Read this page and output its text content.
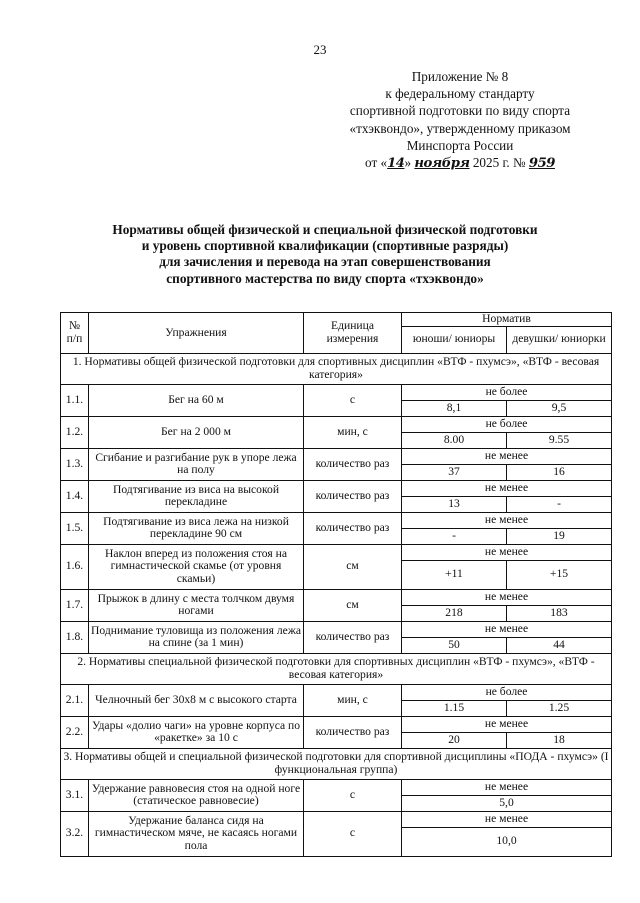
23
Приложение № 8
к федеральному стандарту
спортивной подготовки по виду спорта
«тхэквондо», утвержденному приказом
Минспорта России
от «14» ноября 2025 г. № 959
Нормативы общей физической и специальной физической подготовки
и уровень спортивной квалификации (спортивные разряды)
для зачисления и перевода на этап совершенствования
спортивного мастерства по виду спорта «тхэквондо»
№ п/п	Упражнения	Единица измерения	Норматив	
			юноши/ юниоры	девушки/ юниорки
1. Нормативы общей физической подготовки для спортивных дисциплин «ВТФ - пхумсэ», «ВТФ - весовая категория»				
1.1.	Бег на 60 м	с	не более	
			8,1	9,5
1.2.	Бег на 2 000 м	мин, с	не более	
			8.00	9.55
1.3.	Сгибание и разгибание рук в упоре лежа на полу	количество раз	не менее	
			37	16
1.4.	Подтягивание из виса на высокой перекладине	количество раз	не менее	
			13	-
1.5.	Подтягивание из виса лежа на низкой перекладине 90 см	количество раз	не менее	
			-	19
1.6.	Наклон вперед из положения стоя на гимнастической скамье (от уровня скамьи)	см	не менее	
			+11	+15
1.7.	Прыжок в длину с места толчком двумя ногами	см	не менее	
			218	183
1.8.	Поднимание туловища из положения лежа на спине (за 1 мин)	количество раз	не менее	
			50	44
2. Нормативы специальной физической подготовки для спортивных дисциплин «ВТФ - пхумсэ», «ВТФ - весовая категория»				
2.1.	Челночный бег 30х8 м с высокого старта	мин, с	не более	
			1.15	1.25
2.2.	Удары «долио чаги» на уровне корпуса по «ракетке» за 10 с	количество раз	не менее	
			20	18
3. Нормативы общей и специальной физической подготовки для спортивной дисциплины «ПОДА - пхумсэ» (I функциональная группа)				
3.1.	Удержание равновесия стоя на одной ноге (статическое равновесие)	с	не менее	
			5,0	
3.2.	Удержание баланса сидя на гимнастическом мяче, не касаясь ногами пола	с	не менее	
			10,0	
